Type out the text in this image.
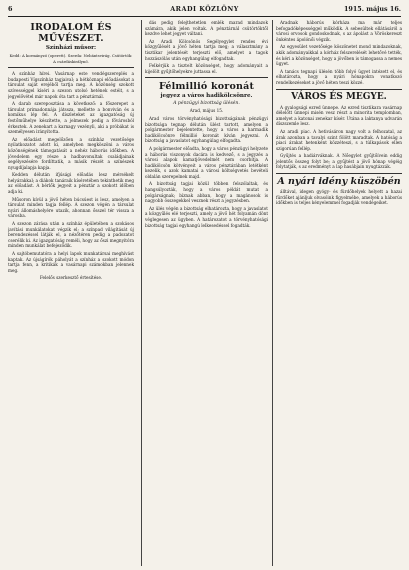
6	ARADI KÖZLÖNY	1915. május 16.
IRODALOM ÉS MŰVÉSZET.
Színházi műsor:

Kedd: A kormányzó (operett). Szerda: Nebántsvirág. Csütörtök: A csárdáskirálynő.

A színház hírei. Vasárnap este vendégszereplés a budapesti Vígszínház tagjaival; a hétköznapi előadásokat a társulat saját erejéből tartja meg. A közönség szokott szívességgel kíséri a szezon utolsó hetének estéit, s a jegyelővétel már napok óta tart a pénztárnál.

A darab szereposztása a következő: a főszerepet a társulat primadonnája játssza, mellette a bonviván és a komikus lép fel. A díszleteket az igazgatóság új festőműhelye készítette, a jelmezek pedig a fővárosból érkeztek. A zenekart a karnagy vezényli, aki a próbákat is személyesen irányította.

Az előadást megelőzően a színház vezetősége nyilatkozatot adott ki, amelyben megköszöni a város közönségének támogatását a nehéz háborús időkben. A jövedelem egy része a hadbavonultak családjainak segélyezésére fordíttatik, a másik részét a színészek nyugdíjalapja kapja.

Kedden délután ifjúsági előadás lesz mérsékelt helyárakkal; a diákok tanáraik kíséretében tekinthetik meg az előadást. A bérlők jegyeit a pénztár a szokott időben adja ki.

Műsoron kívül a jövő héten búcsúest is lesz, amelyen a társulat minden tagja fellép. A szezon végén a társulat nyári állomáshelyére utazik, ahonnan ősszel tér vissza a városba.

A szezon zárása után a színház épületében a szokásos javítási munkálatokat végzik el; a színpad világítását új berendezéssel látják el, a nézőtéren pedig a padozatot cserélik ki. Az igazgatóság reméli, hogy az őszi megnyitóra minden munkálat befejeződik.

A sajtóbemutatóra a helyi lapok munkatársai meghívást kaptak. Az újságírók páholyát a színház a szokott módon tartja fenn, a kritikák a vasárnapi számokban jelennek meg.

Felelős szerkesztő értesítése.

dás pedig felejthetetlen emlék marad mindazok számára, akik jelen voltak. A pénztárnál csütörtöktől kezdve lehet jegyet váltani.

Az Aradi Kölcsönös Segélyegylet rendes évi közgyűlését a jövő héten tartja meg; a választmány a tisztikar jelentését terjeszti elő, amelyet a tagok hozzászólás után egyhangúlag elfogadtak.

Felkérjük a tisztelt közönséget, hogy adományait a kijelölt gyűjtőhelyekre juttassa el.

Félmillió koronát
jegyez a város hadikölcsönre.
A pénzügyi bizottság ülésén.

Arad, május 15.

Arad város törvényhatósági bizottságának pénzügyi bizottsága tegnap délután ülést tartott, amelyen a polgármester bejelentette, hogy a város a harmadik hadikölcsönre félmillió koronát kíván jegyezni. A bizottság a javaslatot egyhangúlag elfogadta.

A polgármester előadta, hogy a város pénzügyi helyzete a háborús viszonyok dacára is kedvező, s a jegyzés a városi alapok kamatjövedelmét nem csorbítja. A hadikölcsön kötvényeit a város pénztárában letétként kezelik, s azok kamatai a városi költségvetés bevételi oldalán szerepelnek majd.

A bizottság tagjai közül többen felszólaltak, és hangsúlyozták, hogy a város példát mutat a polgárságnak; bíznak abban, hogy a magánosok is nagyobb összegekkel vesznek részt a jegyzésben.

Az ülés végén a bizottság elhatározta, hogy a javaslatot a közgyűlés elé terjeszti, amely a jövő hét folyamán dönt véglegesen az ügyben. A határozatot a törvényhatósági bizottság tagjai egyhangú lelkesedéssel fogadták.

Aradnak háborús kórháza ma már teljes befogadóképességgel működik. A sebesültek ellátásáról a városi orvosok gondoskodnak, s az ápolást a Vöröskereszt önkéntes ápolónői végzik.

Az egyesület vezetősége köszönetet mond mindazoknak, akik adományaikkal a kórház felszerelését lehetővé tették, és kéri a közönséget, hogy a jövőben is támogassa a nemes ügyet.

A tanács tegnapi ülésén több folyó ügyet intézett el, és elhatározta, hogy a nyári hónapokra vonatkozó rendelkezéseket a jövő héten teszi közzé.

VÁROS ÉS MEGYE.

A gyalogsági ezred ünnepe. Az ezred tisztikara vasárnap délelőtt ünnepi misén vesz részt a minorita templomban, amelyet a katonai zenekar kísér. Utána a laktanya udvarán díszszemle lesz.

Az aradi piac. A hetivásáron nagy volt a felhozatal, az árak azonban a tavalyi szint fölött maradtak. A hatóság a piaci árakat hetenként közzéteszi, s a túlkapások ellen szigorúan fellép.

Gyűjtés a hadiárváknak. A Nőegylet gyűjtőívein eddig jelentős összeg folyt be; a gyűjtést a jövő hónap végéig folytatják, s az eredményt a lap hasábjain nyugtázzák.

A nyári idény küszöbén

álltával, idegen gyógy- és fürdőhelyek helyett a hazai fürdőket ajánljuk olvasóink figyelmébe, amelyek a háborús időkben is teljes kényelemmel fogadják vendégeiket.
